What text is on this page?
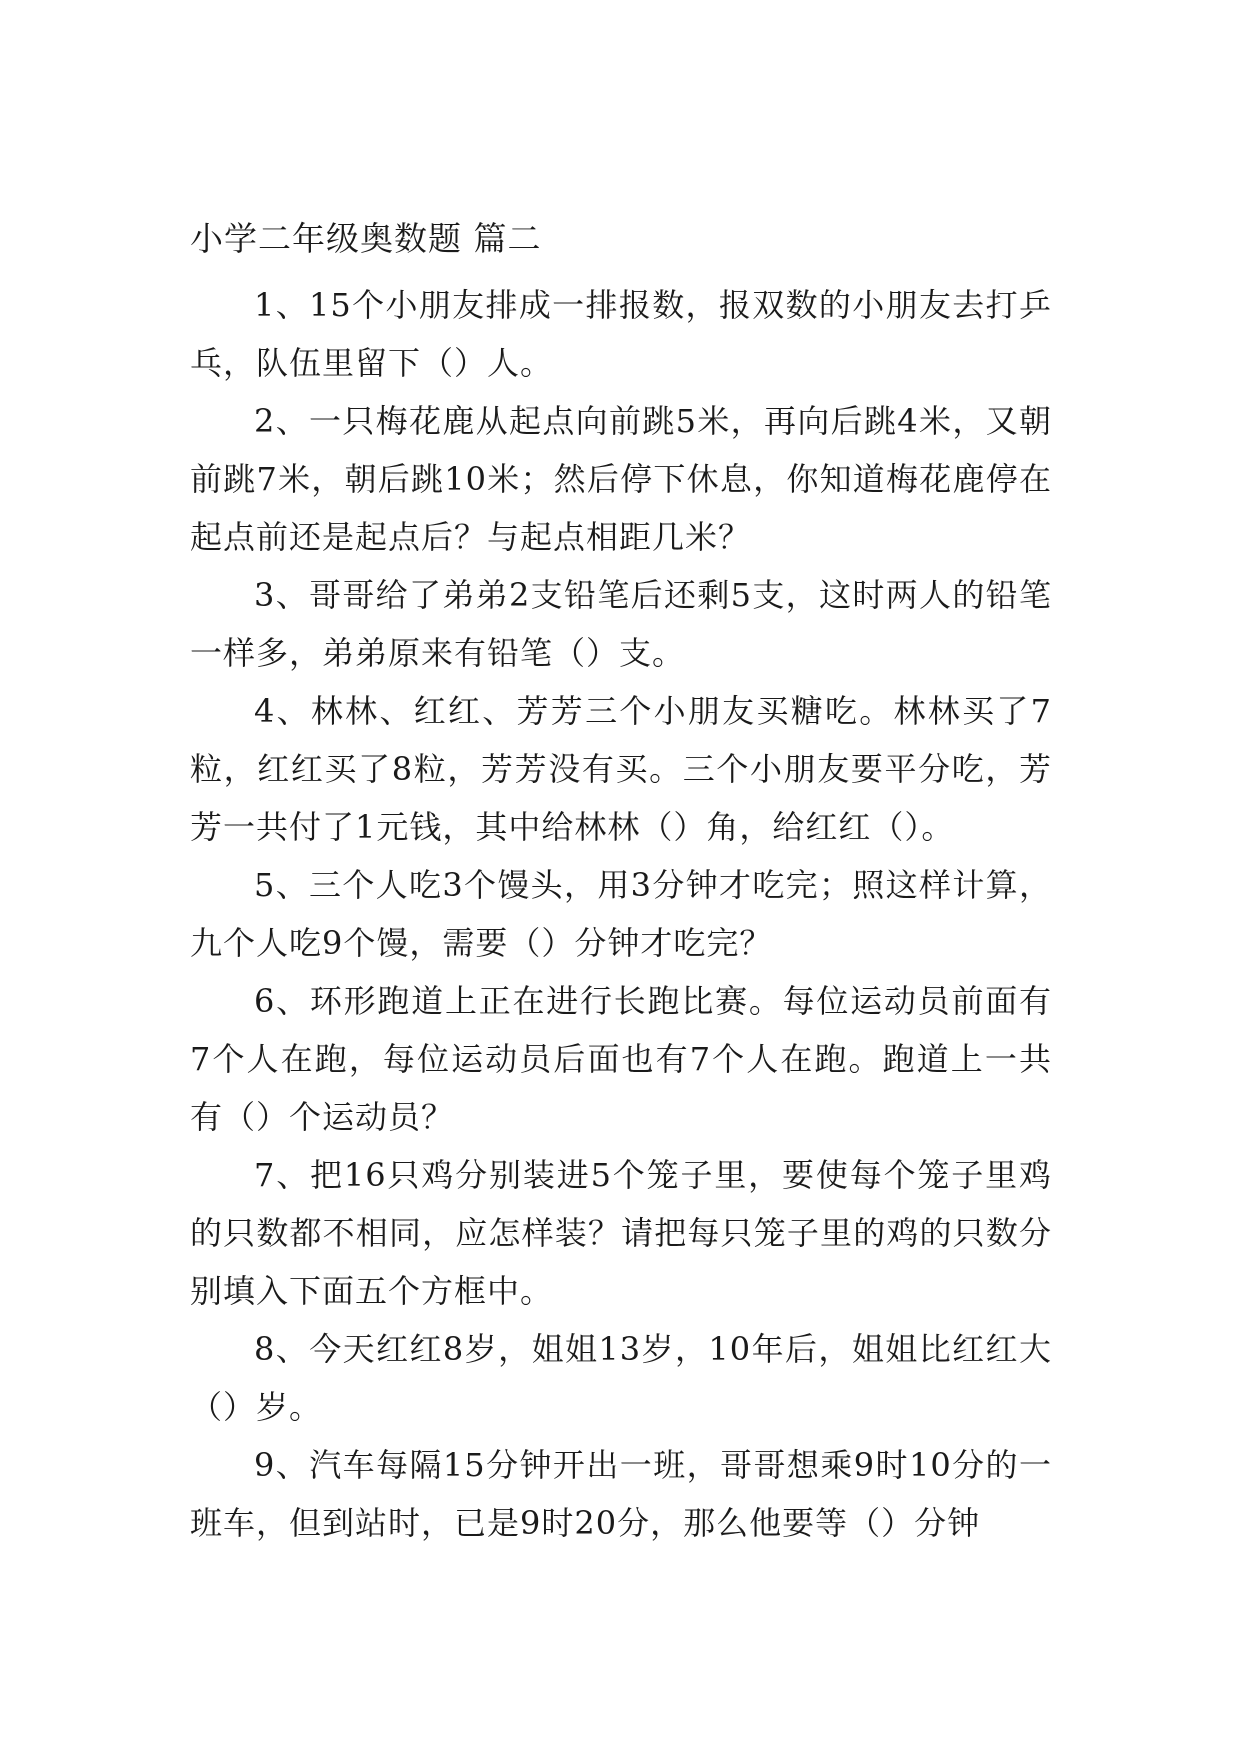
小学二年级奥数题 篇二

1、15个小朋友排成一排报数，报双数的小朋友去打乒乓，队伍里留下（）人。

2、一只梅花鹿从起点向前跳5米，再向后跳4米，又朝前跳7米，朝后跳10米；然后停下休息，你知道梅花鹿停在起点前还是起点后？与起点相距几米？

3、哥哥给了弟弟2支铅笔后还剩5支，这时两人的铅笔一样多，弟弟原来有铅笔（）支。

4、林林、红红、芳芳三个小朋友买糖吃。林林买了7粒，红红买了8粒，芳芳没有买。三个小朋友要平分吃，芳芳一共付了1元钱，其中给林林（）角，给红红（）。

5、三个人吃3个馒头，用3分钟才吃完；照这样计算，九个人吃9个馒，需要（）分钟才吃完？

6、环形跑道上正在进行长跑比赛。每位运动员前面有7个人在跑，每位运动员后面也有7个人在跑。跑道上一共有（）个运动员？

7、把16只鸡分别装进5个笼子里，要使每个笼子里鸡的只数都不相同，应怎样装？请把每只笼子里的鸡的只数分别填入下面五个方框中。

8、今天红红8岁，姐姐13岁，10年后，姐姐比红红大（）岁。

9、汽车每隔15分钟开出一班，哥哥想乘9时10分的一班车，但到站时，已是9时20分，那么他要等（）分钟
